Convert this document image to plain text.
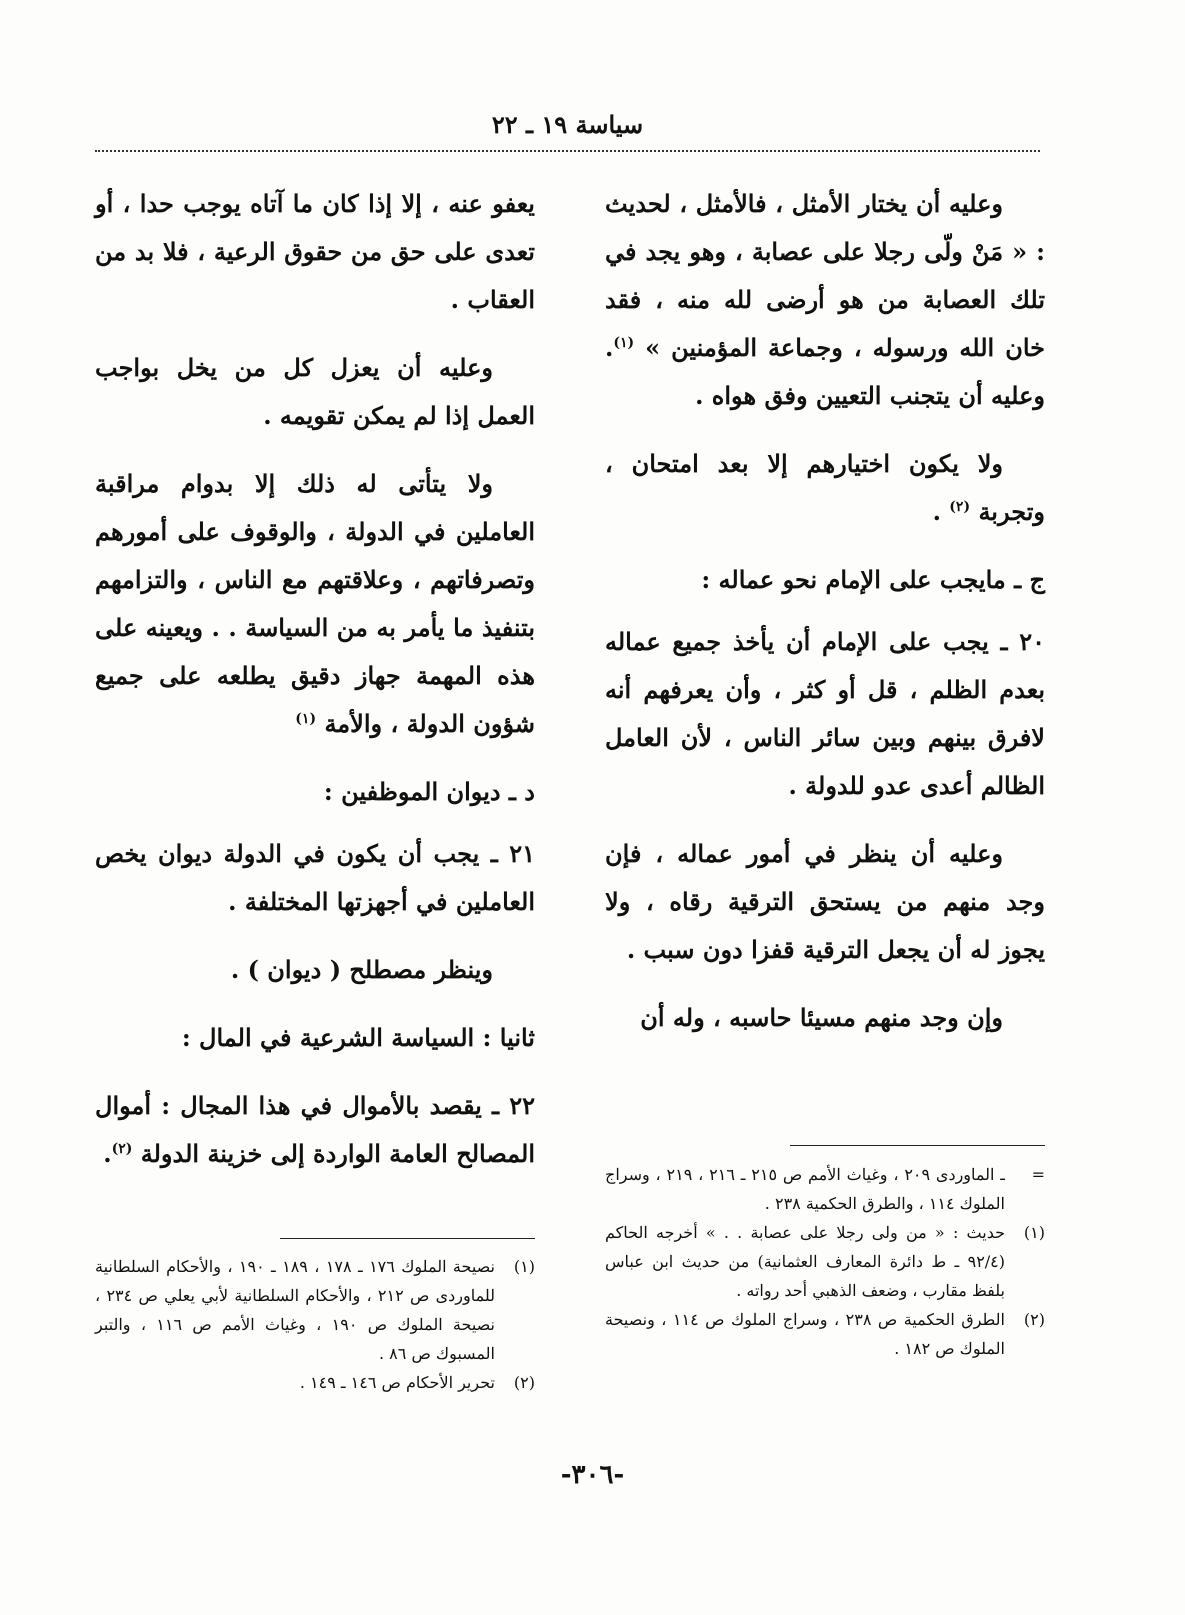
سياسة ١٩ ـ ٢٢

وعليه أن يختار الأمثل ، فالأمثل ، لحديث : « مَنْ ولّى رجلا على عصابة ، وهو يجد في تلك العصابة من هو أرضى لله منه ، فقد خان الله ورسوله ، وجماعة المؤمنين » $^{(١)}$. وعليه أن يتجنب التعيين وفق هواه .

ولا يكون اختيارهم إلا بعد امتحان ، وتجربة $^{(٢)}$ .

ج ـ مايجب على الإمام نحو عماله :

٢٠ ـ يجب على الإمام أن يأخذ جميع عماله بعدم الظلم ، قل أو كثر ، وأن يعرفهم أنه لافرق بينهم وبين سائر الناس ، لأن العامل الظالم أعدى عدو للدولة .

وعليه أن ينظر في أمور عماله ، فإن وجد منهم من يستحق الترقية رقاه ، ولا يجوز له أن يجعل الترقية قفزا دون سبب .

وإن وجد منهم مسيئا حاسبه ، وله أن

يعفو عنه ، إلا إذا كان ما آتاه يوجب حدا ، أو تعدى على حق من حقوق الرعية ، فلا بد من العقاب .

وعليه أن يعزل كل من يخل بواجب العمل إذا لم يمكن تقويمه .

ولا يتأتى له ذلك إلا بدوام مراقبة العاملين في الدولة ، والوقوف على أمورهم وتصرفاتهم ، وعلاقتهم مع الناس ، والتزامهم بتنفيذ ما يأمر به من السياسة . . ويعينه على هذه المهمة جهاز دقيق يطلعه على جميع شؤون الدولة ، والأمة $^{(١)}$

د ـ ديوان الموظفين :

٢١ ـ يجب أن يكون في الدولة ديوان يخص العاملين في أجهزتها المختلفة .

وينظر مصطلح ( ديوان ) .

ثانيا : السياسة الشرعية في المال :

٢٢ ـ يقصد بالأموال في هذا المجال : أموال المصالح العامة الواردة إلى خزينة الدولة $^{(٢)}$.

=
ـ الماوردى ٢٠٩ ، وغياث الأمم ص ٢١٥ ـ ٢١٦ ، ٢١٩ ، وسراج الملوك ١١٤ ، والطرق الحكمية ٢٣٨ .
(١)
حديث : « من ولى رجلا على عصابة . . » أخرجه الحاكم (٩٢/٤ ـ ط دائرة المعارف العثمانية) من حديث ابن عباس بلفظ مقارب ، وضعف الذهبي أحد رواته .
(٢)
الطرق الحكمية ص ٢٣٨ ، وسراج الملوك ص ١١٤ ، ونصيحة الملوك ص ١٨٢ .
(١)
نصيحة الملوك ١٧٦ ـ ١٧٨ ، ١٨٩ ـ ١٩٠ ، والأحكام السلطانية للماوردى ص ٢١٢ ، والأحكام السلطانية لأبي يعلي ص ٢٣٤ ، نصيحة الملوك ص ١٩٠ ، وغياث الأمم ص ١١٦ ، والتبر المسبوك ص ٨٦ .
(٢)
تحرير الأحكام ص ١٤٦ ـ ١٤٩ .
-٣٠٦-
